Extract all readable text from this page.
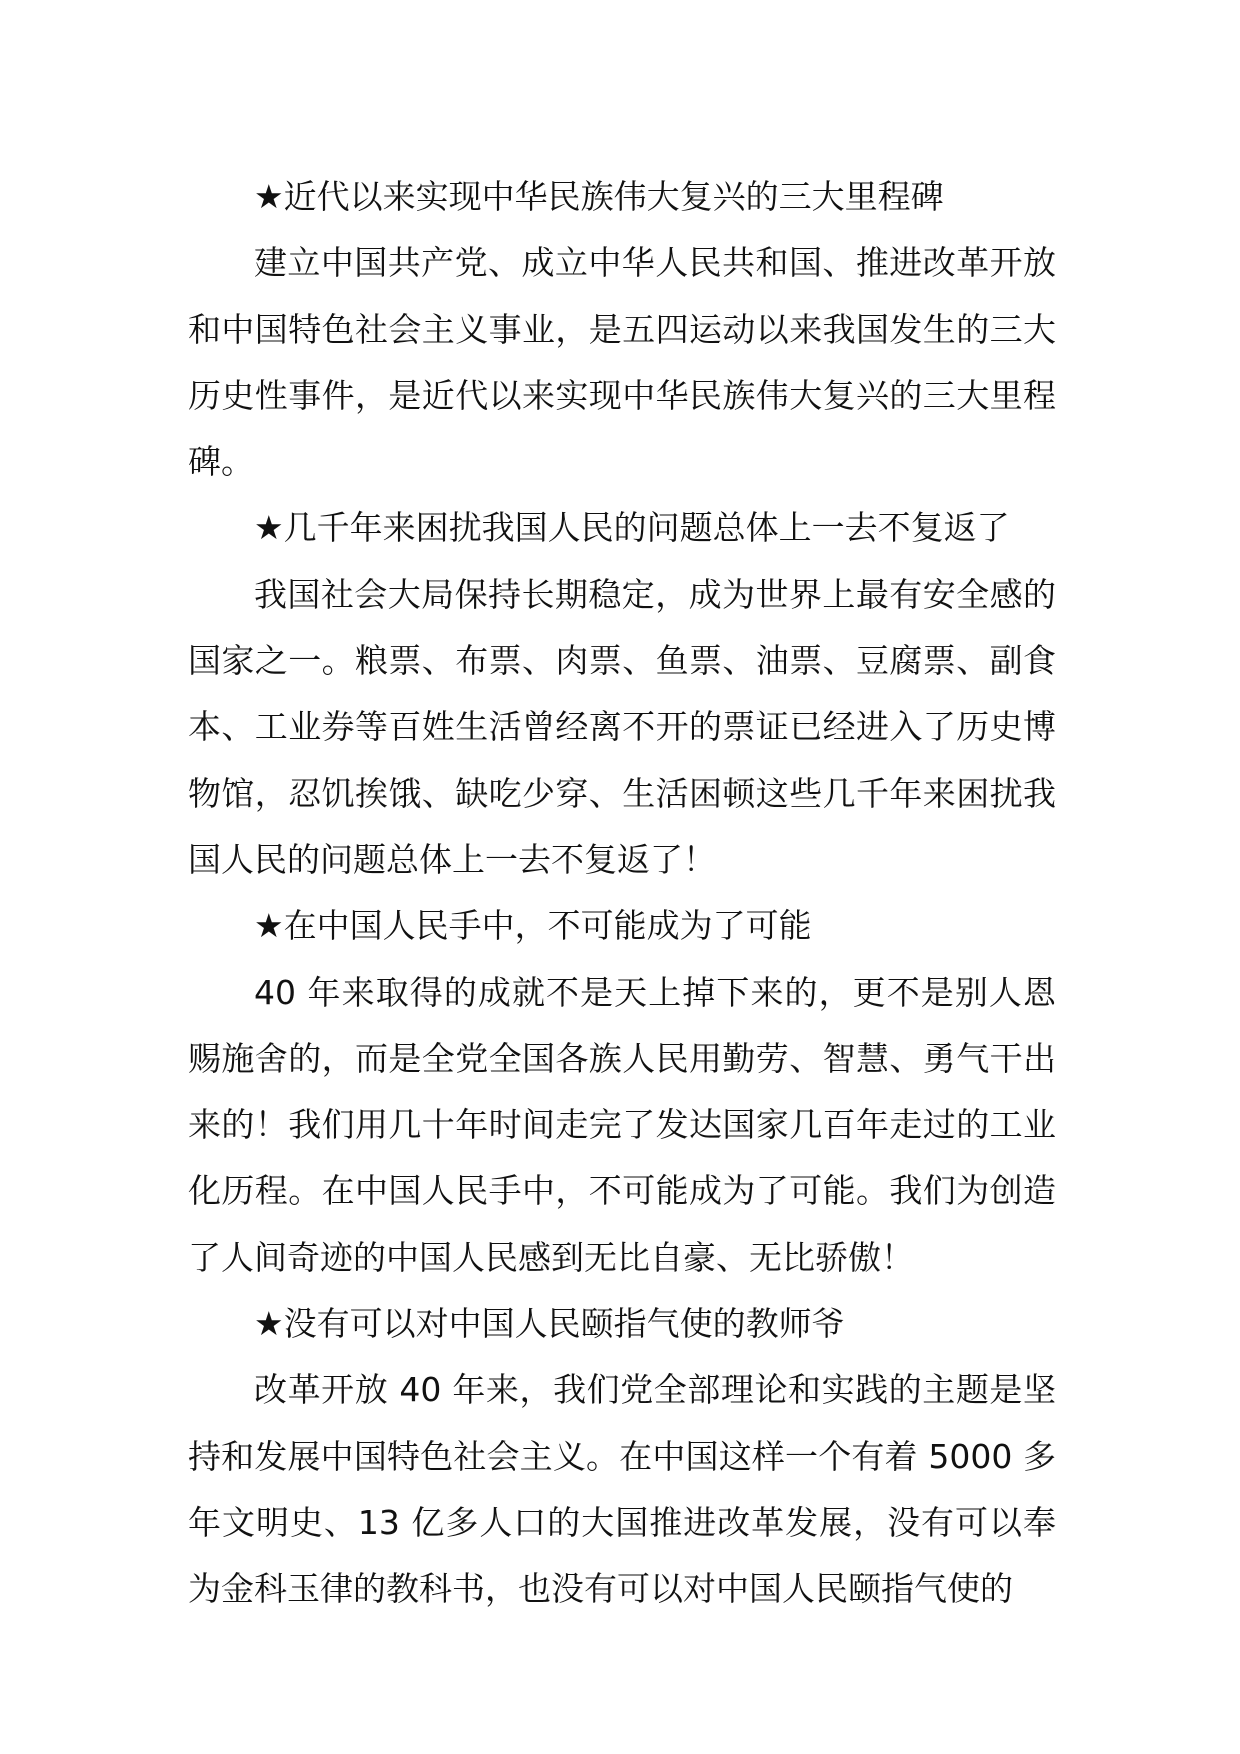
★近代以来实现中华民族伟大复兴的三大里程碑

建立中国共产党、成立中华人民共和国、推进改革开放和中国特色社会主义事业，是五四运动以来我国发生的三大历史性事件，是近代以来实现中华民族伟大复兴的三大里程碑。

★几千年来困扰我国人民的问题总体上一去不复返了

我国社会大局保持长期稳定，成为世界上最有安全感的国家之一。粮票、布票、肉票、鱼票、油票、豆腐票、副食本、工业券等百姓生活曾经离不开的票证已经进入了历史博物馆，忍饥挨饿、缺吃少穿、生活困顿这些几千年来困扰我国人民的问题总体上一去不复返了！

★在中国人民手中，不可能成为了可能

40 年来取得的成就不是天上掉下来的，更不是别人恩赐施舍的，而是全党全国各族人民用勤劳、智慧、勇气干出来的！我们用几十年时间走完了发达国家几百年走过的工业化历程。在中国人民手中，不可能成为了可能。我们为创造了人间奇迹的中国人民感到无比自豪、无比骄傲！

★没有可以对中国人民颐指气使的教师爷

改革开放 40 年来，我们党全部理论和实践的主题是坚持和发展中国特色社会主义。在中国这样一个有着 5000 多年文明史、13 亿多人口的大国推进改革发展，没有可以奉为金科玉律的教科书，也没有可以对中国人民颐指气使的
